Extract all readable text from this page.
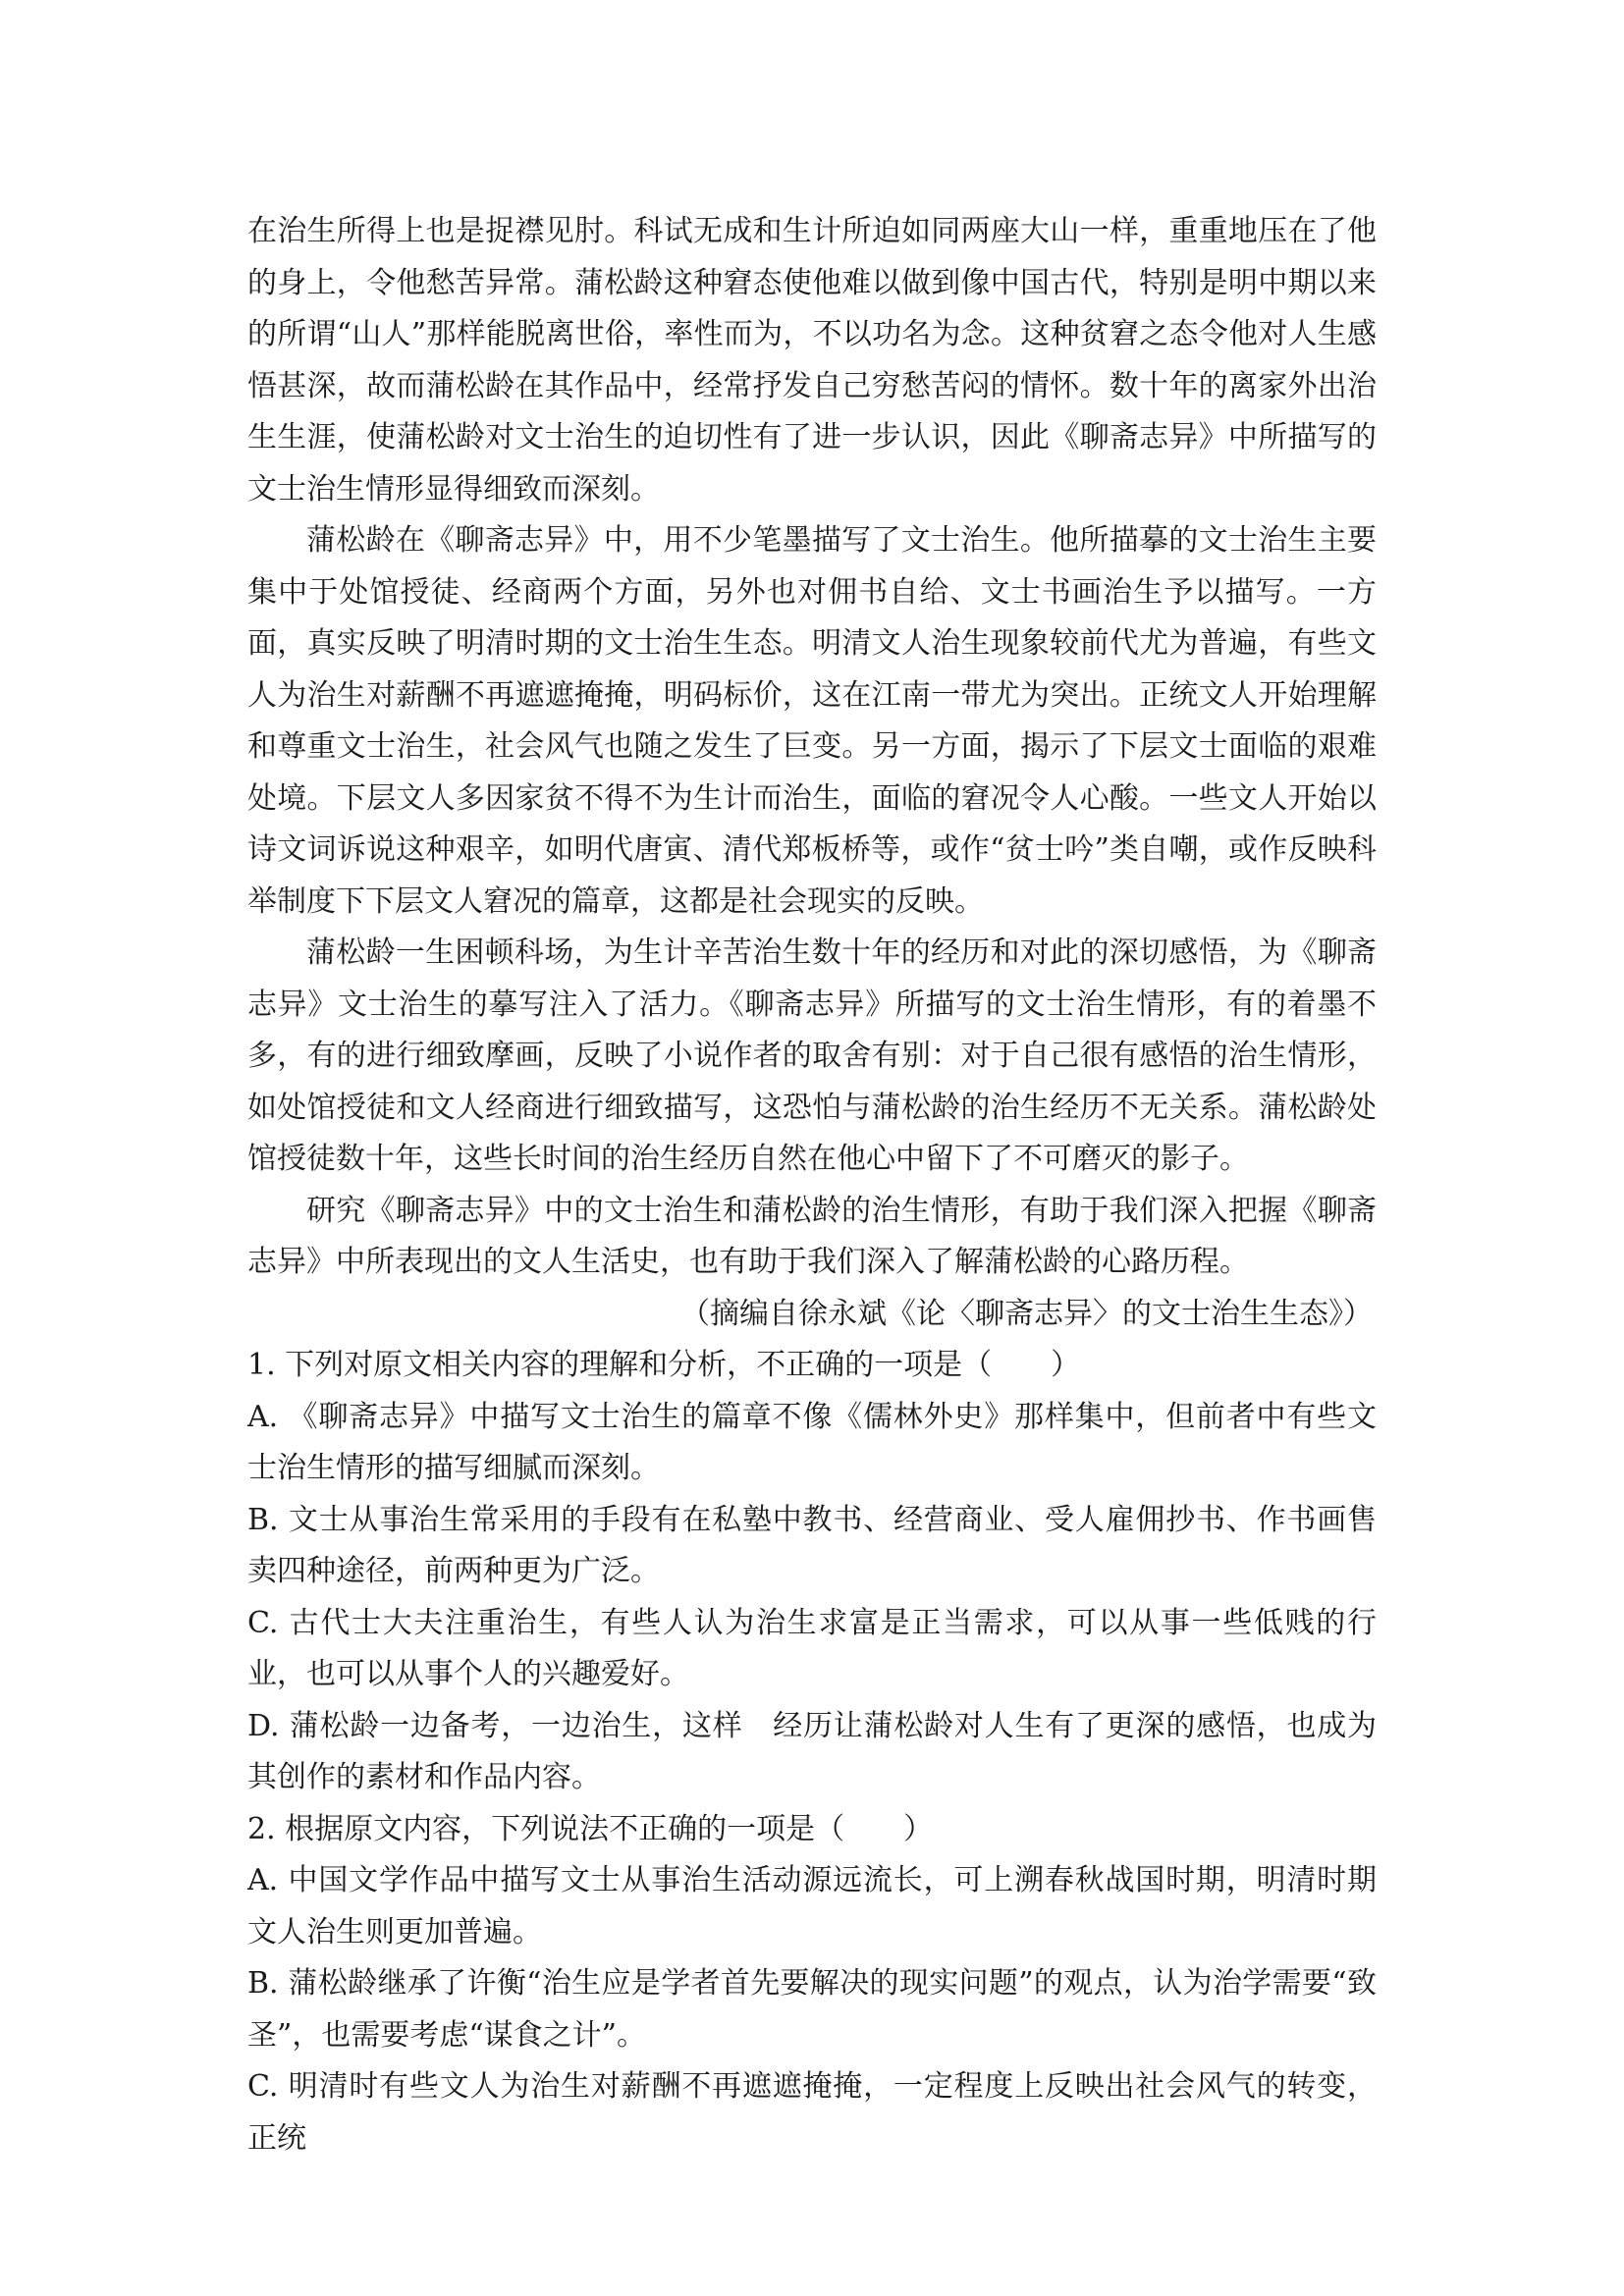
在治生所得上也是捉襟见肘。科试无成和生计所迫如同两座大山一样，重重地压在了他的身上，令他愁苦异常。蒲松龄这种窘态使他难以做到像中国古代，特别是明中期以来的所谓“山人”那样能脱离世俗，率性而为，不以功名为念。这种贫窘之态令他对人生感悟甚深，故而蒲松龄在其作品中，经常抒发自己穷愁苦闷的情怀。数十年的离家外出治生生涯，使蒲松龄对文士治生的迫切性有了进一步认识，因此《聊斋志异》中所描写的文士治生情形显得细致而深刻。

蒲松龄在《聊斋志异》中，用不少笔墨描写了文士治生。他所描摹的文士治生主要集中于处馆授徒、经商两个方面，另外也对佣书自给、文士书画治生予以描写。一方面，真实反映了明清时期的文士治生生态。明清文人治生现象较前代尤为普遍，有些文人为治生对薪酬不再遮遮掩掩，明码标价，这在江南一带尤为突出。正统文人开始理解和尊重文士治生，社会风气也随之发生了巨变。另一方面，揭示了下层文士面临的艰难处境。下层文人多因家贫不得不为生计而治生，面临的窘况令人心酸。一些文人开始以诗文词诉说这种艰辛，如明代唐寅、清代郑板桥等，或作“贫士吟”类自嘲，或作反映科举制度下下层文人窘况的篇章，这都是社会现实的反映。

蒲松龄一生困顿科场，为生计辛苦治生数十年的经历和对此的深切感悟，为《聊斋志异》文士治生的摹写注入了活力。《聊斋志异》所描写的文士治生情形，有的着墨不多，有的进行细致摩画，反映了小说作者的取舍有别：对于自己很有感悟的治生情形，如处馆授徒和文人经商进行细致描写，这恐怕与蒲松龄的治生经历不无关系。蒲松龄处馆授徒数十年，这些长时间的治生经历自然在他心中留下了不可磨灭的影子。

研究《聊斋志异》中的文士治生和蒲松龄的治生情形，有助于我们深入把握《聊斋志异》中所表现出的文人生活史，也有助于我们深入了解蒲松龄的心路历程。

（摘编自徐永斌《论〈聊斋志异〉的文士治生生态》）

1. 下列对原文相关内容的理解和分析，不正确的一项是（　　）

A. 《聊斋志异》中描写文士治生的篇章不像《儒林外史》那样集中，但前者中有些文士治生情形的描写细腻而深刻。

B. 文士从事治生常采用的手段有在私塾中教书、经营商业、受人雇佣抄书、作书画售卖四种途径，前两种更为广泛。

C. 古代士大夫注重治生，有些人认为治生求富是正当需求，可以从事一些低贱的行业，也可以从事个人的兴趣爱好。

D. 蒲松龄一边备考，一边治生，这样　经历让蒲松龄对人生有了更深的感悟，也成为其创作的素材和作品内容。

2. 根据原文内容，下列说法不正确的一项是（　　）

A. 中国文学作品中描写文士从事治生活动源远流长，可上溯春秋战国时期，明清时期文人治生则更加普遍。

B. 蒲松龄继承了许衡“治生应是学者首先要解决的现实问题”的观点，认为治学需要“致圣”，也需要考虑“谋食之计”。

C. 明清时有些文人为治生对薪酬不再遮遮掩掩，一定程度上反映出社会风气的转变，正统
